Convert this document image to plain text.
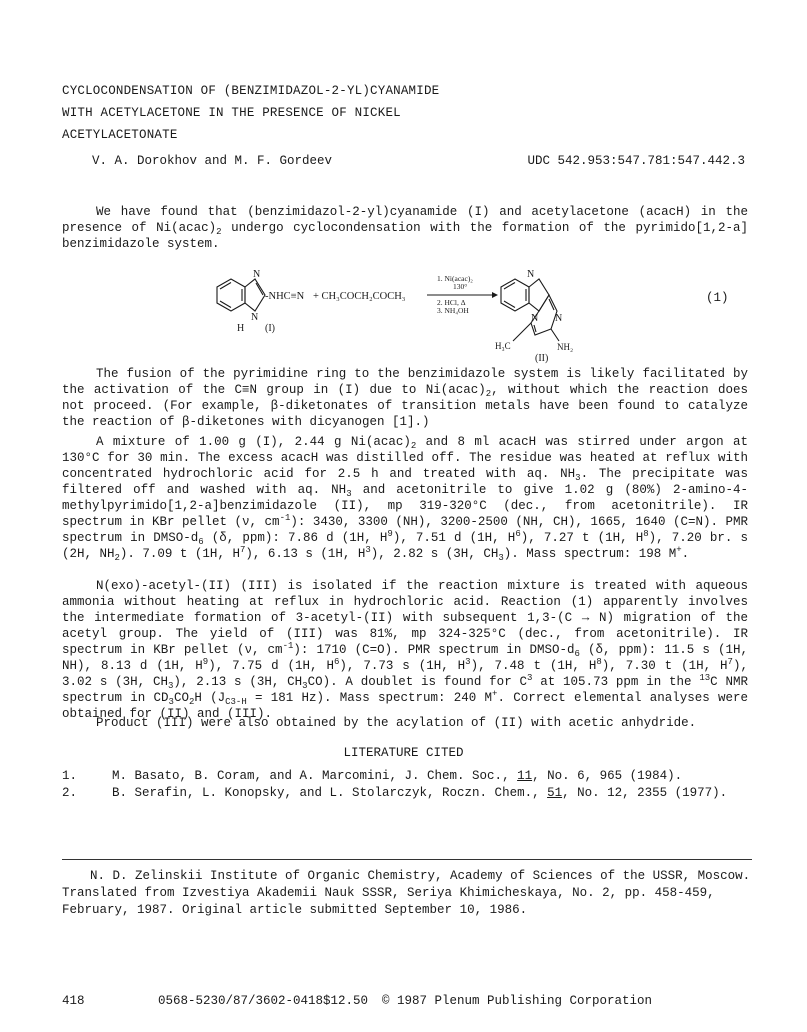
CYCLOCONDENSATION OF (BENZIMIDAZOL-2-YL)CYANAMIDE
WITH ACETYLACETONE IN THE PRESENCE OF NICKEL
ACETYLACETONATE
V. A. Dorokhov and M. F. Gordeev	UDC 542.953:547.781:547.442.3
We have found that (benzimidazol-2-yl)cyanamide (I) and acetylacetone (acacH) in the presence of $Ni(acac)_2$ undergo cyclocondensation with the formation of the pyrimido[1,2-a] benzimidazole system.
N
N
H (I)
-NHC≡N + CH₃COCH₂COCH₃
1. Ni(acac)₂
130°
2. HCl, Δ
3. NH₄OH
N
N N
H₃C	NH₂
(II)
(1)
The fusion of the pyrimidine ring to the benzimidazole system is likely facilitated by the activation of the C≡N group in (I) due to $Ni(acac)_2$, without which the reaction does not proceed. (For example, β-diketonates of transition metals have been found to catalyze the reaction of β-diketones with dicyanogen [1].)
A mixture of 1.00 g (I), 2.44 g $Ni(acac)_2$ and 8 ml acacH was stirred under argon at 130°C for 30 min. The excess acacH was distilled off. The residue was heated at reflux with concentrated hydrochloric acid for 2.5 h and treated with aq. $NH_3$. The precipitate was filtered off and washed with aq. $NH_3$ and acetonitrile to give 1.02 g (80%) 2-amino-4-methylpyrimido[1,2-a]benzimidazole (II), mp 319-320°C (dec., from acetonitrile). IR spectrum in KBr pellet (ν, $cm^{-1}$): 3430, 3300 (NH), 3200-2500 (NH, CH), 1665, 1640 (C=N). PMR spectrum in DMSO-$d_6$ (δ, ppm): 7.86 d (1H, $H^9$), 7.51 d (1H, $H^6$), 7.27 t (1H, $H^8$), 7.20 br. s (2H, $NH_2$). 7.09 t (1H, $H^7$), 6.13 s (1H, $H^3$), 2.82 s (3H, $CH_3$). Mass spectrum: 198 M+.
N(exo)-acetyl-(II) (III) is isolated if the reaction mixture is treated with aqueous ammonia without heating at reflux in hydrochloric acid. Reaction (1) apparently involves the intermediate formation of 3-acetyl-(II) with subsequent 1,3-(C → N) migration of the acetyl group. The yield of (III) was 81%, mp 324-325°C (dec., from acetonitrile). IR spectrum in KBr pellet (ν, $cm^{-1}$): 1710 (C=O). PMR spectrum in DMSO-$d_6$ (δ, ppm): 11.5 s (1H, NH), 8.13 d (1H, $H^9$), 7.75 d (1H, $H^6$), 7.73 s (1H, $H^3$), 7.48 t (1H, $H^8$), 7.30 t (1H, $H^7$), 3.02 s (3H, $CH_3$), 2.13 s (3H, $CH_3CO$). A doublet is found for $C^3$ at 105.73 ppm in the $^{13}$C NMR spectrum in $CD_3CO_2H$ ($J_{C3-H} = 181$ Hz). Mass spectrum: 240 M+. Correct elemental analyses were obtained for (II) and (III).
Product (III) were also obtained by the acylation of (II) with acetic anhydride.
LITERATURE CITED
1.	M. Basato, B. Coram, and A. Marcomini, J. Chem. Soc., 11, No. 6, 965 (1984).
2.	B. Serafin, L. Konopsky, and L. Stolarczyk, Roczn. Chem., 51, No. 12, 2355 (1977).
N. D. Zelinskii Institute of Organic Chemistry, Academy of Sciences of the USSR, Moscow. Translated from Izvestiya Akademii Nauk SSSR, Seriya Khimicheskaya, No. 2, pp. 458-459, February, 1987. Original article submitted September 10, 1986.
418	0568-5230/87/3602-0418$12.50 © 1987 Plenum Publishing Corporation
